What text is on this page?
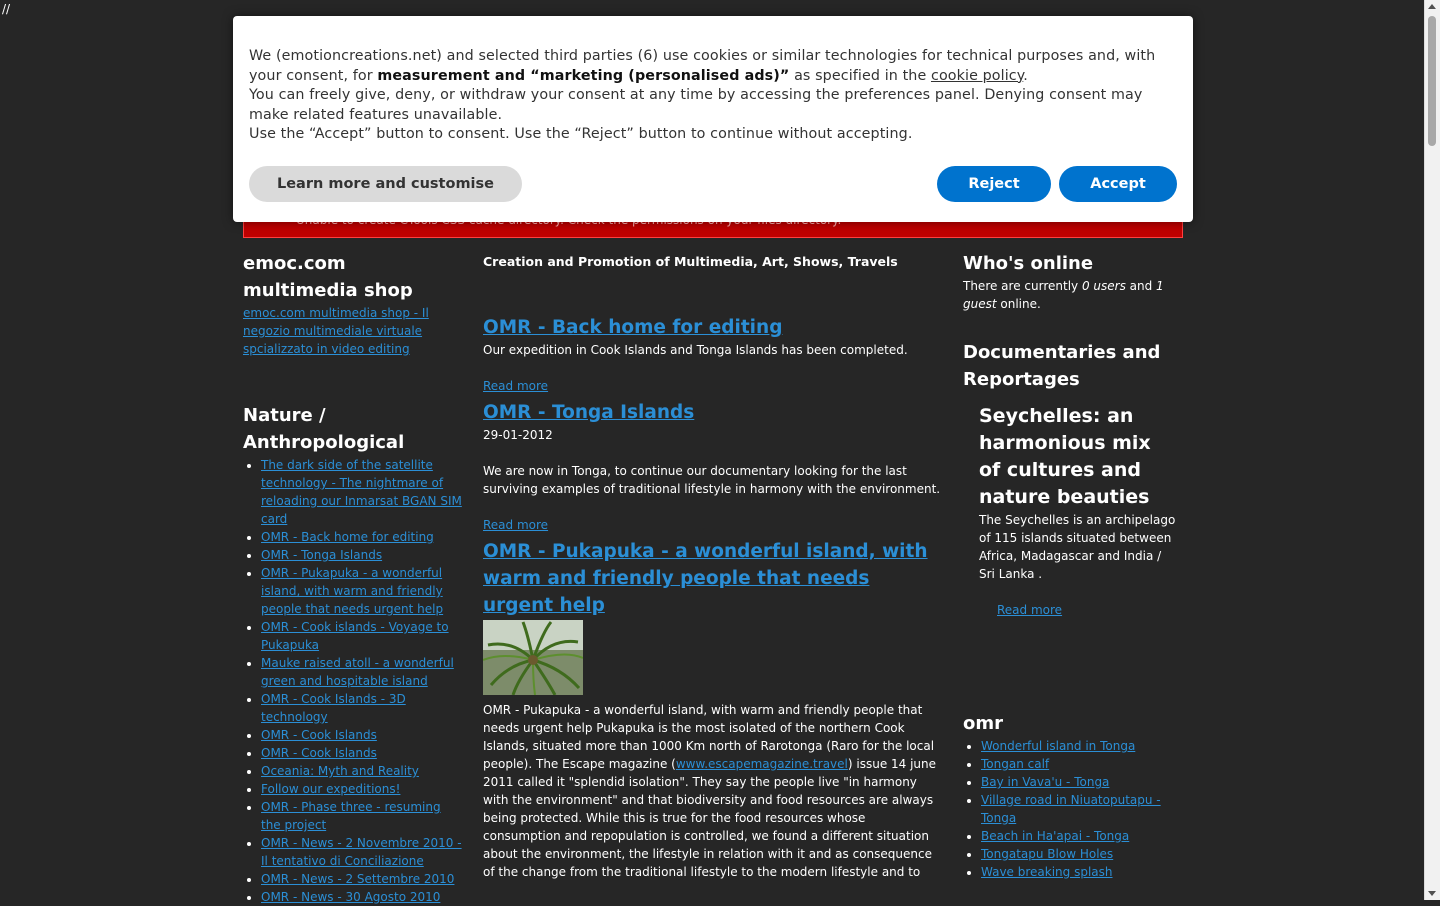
//
emoc.com multimedia shop

emoc.com multimedia shop - Il negozio multimediale virtuale spcializzato in video editing

Nature / Anthropological
• The dark side of the satellite technology - The nightmare of reloading our Inmarsat BGAN SIM card
• OMR - Back home for editing
• OMR - Tonga Islands
• OMR - Pukapuka - a wonderful island, with warm and friendly people that needs urgent help
• OMR - Cook islands - Voyage to Pukapuka
• Mauke raised atoll - a wonderful green and hospitable island
• OMR - Cook Islands - 3D technology
• OMR - Cook Islands
• OMR - Cook Islands
• Oceania: Myth and Reality
• Follow our expeditions!
• OMR - Phase three - resuming the project
• OMR - News - 2 Novembre 2010 - Il tentativo di Conciliazione
• OMR - News - 2 Settembre 2010
• OMR - News - 30 Agosto 2010

Creation and Promotion of Multimedia, Art, Shows, Travels

OMR - Back home for editing

Our expedition in Cook Islands and Tonga Islands has been completed.

Read more

OMR - Tonga Islands

29-01-2012

We are now in Tonga, to continue our documentary looking for the last surviving examples of traditional lifestyle in harmony with the environment.

Read more

OMR - Pukapuka - a wonderful island, with warm and friendly people that needs urgent help

OMR - Pukapuka - a wonderful island, with warm and friendly people that needs urgent help Pukapuka is the most isolated of the northern Cook Islands, situated more than 1000 Km north of Rarotonga (Raro for the local people). The Escape magazine (www.escapemagazine.travel) issue 14 june 2011 called it "splendid isolation". They say the people live "in harmony with the environment" and that biodiversity and food resources are always being protected. While this is true for the food resources whose consumption and repopulation is controlled, we found a different situation about the environment, the lifestyle in relation with it and as consequence of the change from the traditional lifestyle to the modern lifestyle and to

Who's online

There are currently 0 users and 1 guest online.

Documentaries and Reportages
Seychelles: an harmonious mix of cultures and nature beauties

The Seychelles is an archipelago of 115 islands situated between Africa, Madagascar and India / Sri Lanka .

Read more

omr
• Wonderful island in Tonga
• Tongan calf
• Bay in Vava'u - Tonga
• Village road in Niuatoputapu - Tonga
• Beach in Ha'apai - Tonga
• Tongatapu Blow Holes
• Wave breaking splash
We (emotioncreations.net) and selected third parties (6) use cookies or similar technologies for technical purposes and, with your consent, for measurement and “marketing (personalised ads)” as specified in the cookie policy.
You can freely give, deny, or withdraw your consent at any time by accessing the preferences panel. Denying consent may make related features unavailable.
Use the “Accept” button to consent. Use the “Reject” button to continue without accepting.
Learn more and customise	Reject	Accept
